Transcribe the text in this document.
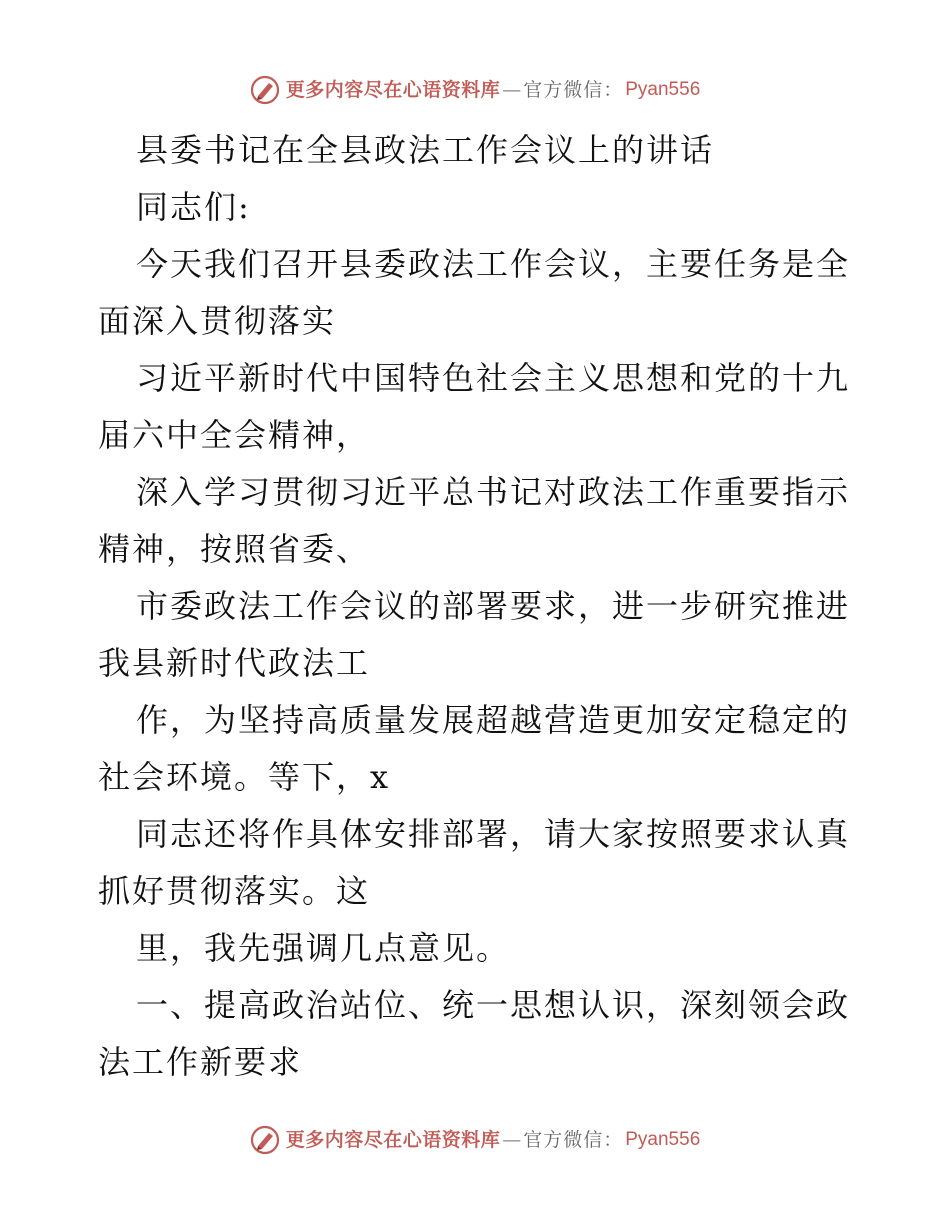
更多内容尽在心语资料库 — 官方微信： Pyan556
县委书记在全县政法工作会议上的讲话
同志们:
今天我们召开县委政法工作会议，主要任务是全
面深入贯彻落实
习近平新时代中国特色社会主义思想和党的十九
届六中全会精神，
深入学习贯彻习近平总书记对政法工作重要指示
精神，按照省委、
市委政法工作会议的部署要求，进一步研究推进
我县新时代政法工
作，为坚持高质量发展超越营造更加安定稳定的
社会环境。等下，x
同志还将作具体安排部署，请大家按照要求认真
抓好贯彻落实。这
里，我先强调几点意见。
一、提高政治站位、统一思想认识，深刻领会政
法工作新要求
更多内容尽在心语资料库 — 官方微信： Pyan556
